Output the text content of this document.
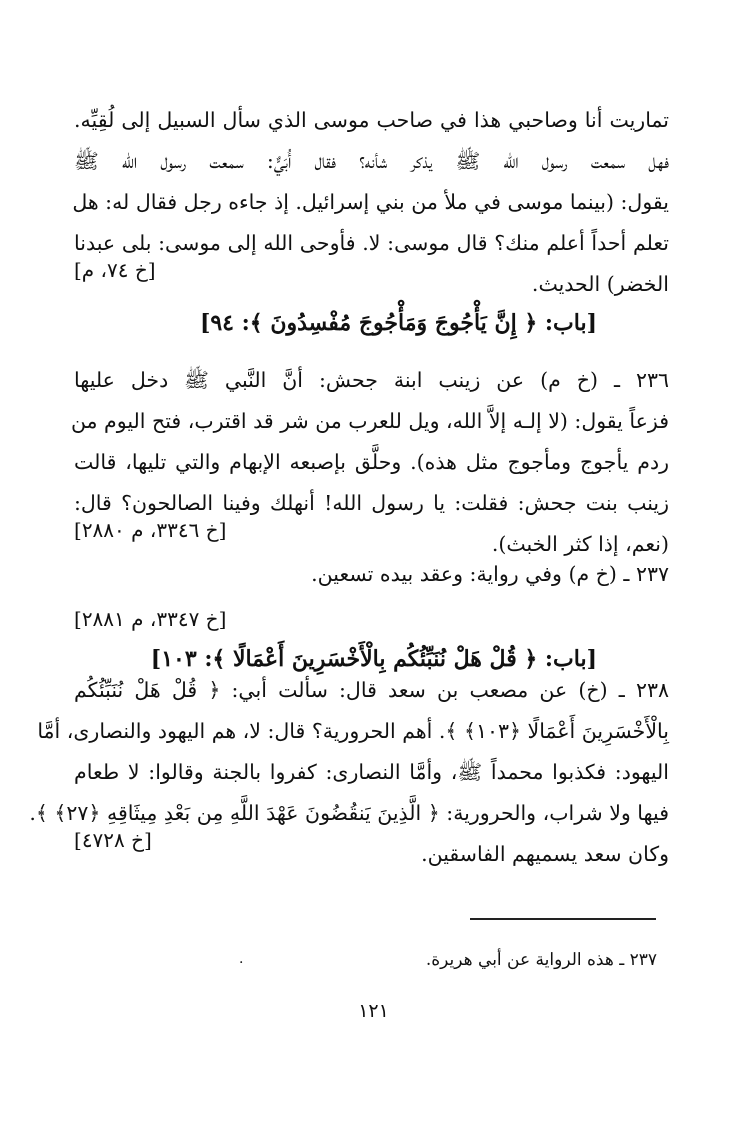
تماريت أنا وصاحبي هذا في صاحب موسى الذي سأل السبيل إلى لُقِيِّه.
فهل سمعت رسول الله ﷺ يذكر شأنه؟ فقال أُبَيٌّ: سمعت رسول الله ﷺ
يقول: (بينما موسى في ملأ من بني إسرائيل. إذ جاءه رجل فقال له: هل
تعلم أحداً أعلم منك؟ قال موسى: لا. فأوحى الله إلى موسى: بلى عبدنا
الخضر) الحديث.
[خ ٧٤، م]
[باب: ﴿ إِنَّ يَأْجُوجَ وَمَأْجُوجَ مُفْسِدُونَ ﴾: ٩٤]
٢٣٦ ـ (خ م) عن زينب ابنة جحش: أنَّ النَّبي ﷺ دخل عليها
فزعاً يقول: (لا إلـه إلاَّ الله، ويل للعرب من شر قد اقترب، فتح اليوم من
ردم يأجوج ومأجوج مثل هذه). وحلَّق بإصبعه الإبهام والتي تليها، قالت
زينب بنت جحش: فقلت: يا رسول الله! أنهلك وفينا الصالحون؟ قال:
(نعم، إذا كثر الخبث).
[خ ٣٣٤٦، م ٢٨٨٠]
٢٣٧ ـ (خ م) وفي رواية: وعقد بيده تسعين.
[خ ٣٣٤٧، م ٢٨٨١]
[باب: ﴿ قُلْ هَلْ نُنَبِّئُكُم بِالْأَخْسَرِينَ أَعْمَالًا ﴾: ١٠٣]
٢٣٨ ـ (خ) عن مصعب بن سعد قال: سألت أبي: ﴿ قُلْ هَلْ نُنَبِّئُكُم
بِالْأَخْسَرِينَ أَعْمَالًا ﴿١٠٣﴾ ﴾. أهم الحرورية؟ قال: لا، هم اليهود والنصارى، أمَّا
اليهود: فكذبوا محمداً ﷺ، وأمَّا النصارى: كفروا بالجنة وقالوا: لا طعام
فيها ولا شراب، والحرورية: ﴿ الَّذِينَ يَنقُضُونَ عَهْدَ اللَّهِ مِن بَعْدِ مِيثَاقِهِ ﴿٢٧﴾ ﴾.
وكان سعد يسميهم الفاسقين.
[خ ٤٧٢٨]
·	٢٣٧ ـ هذه الرواية عن أبي هريرة.
١٢١
